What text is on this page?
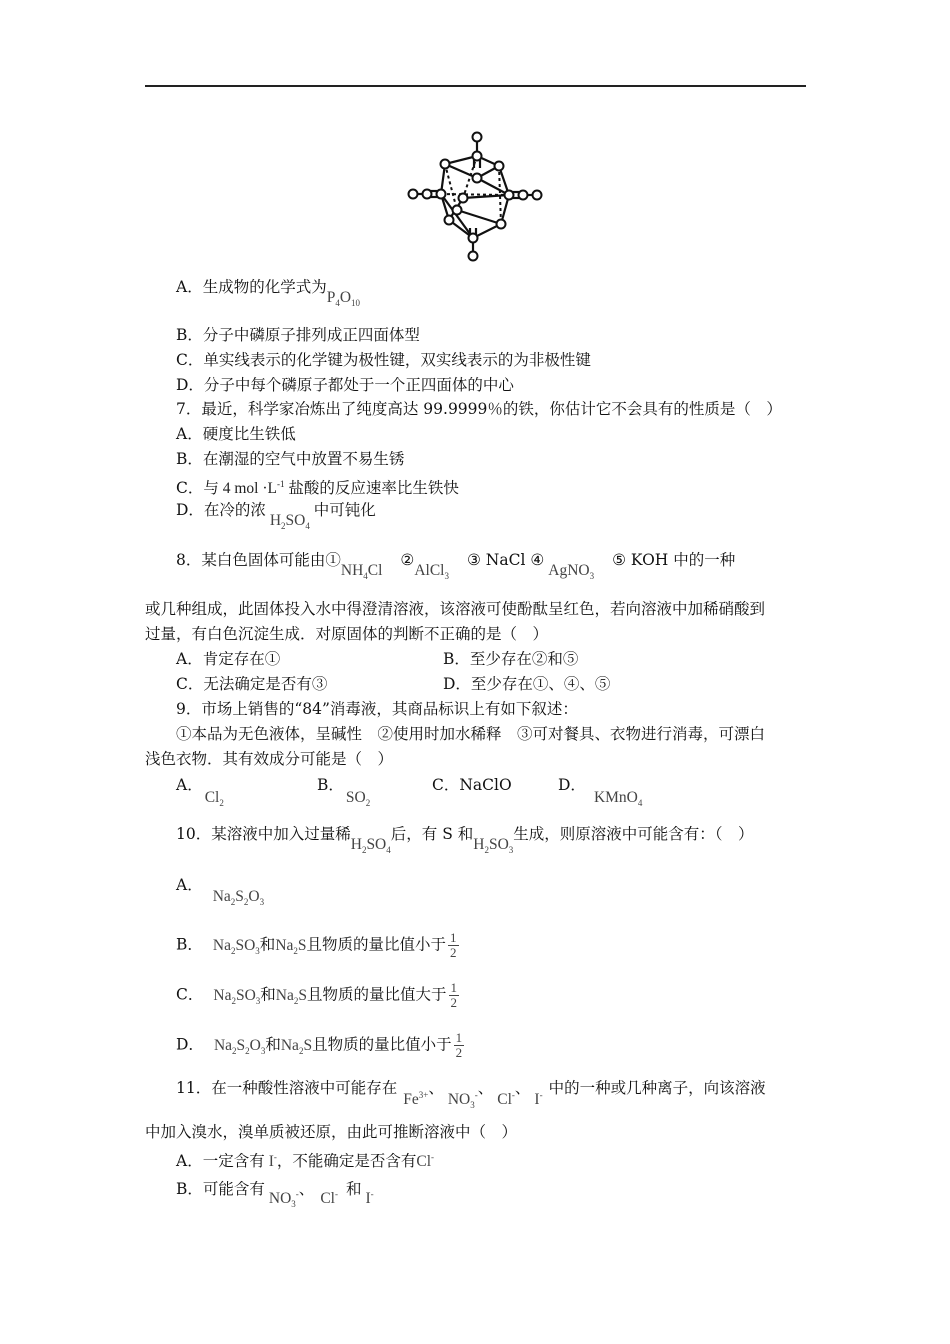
A．生成物的化学式为$P_4O_{10}$
B．分子中磷原子排列成正四面体型
C．单实线表示的化学键为极性键，双实线表示的为非极性键
D．分子中每个磷原子都处于一个正四面体的中心
7．最近，科学家冶炼出了纯度高达 99.9999％的铁，你估计它不会具有的性质是（　）
A．硬度比生铁低
B．在潮湿的空气中放置不易生锈
C．与 4 mol $\cdot L^{-1}$ 盐酸的反应速率比生铁快
D．在冷的浓 $H_2SO_4$ 中可钝化
8．某白色固体可能由$①NH_4Cl②AlCl_3③$ NaCl ④AgNO$_3$⑤ KOH 中的一种
或几种组成，此固体投入水中得澄清溶液，该溶液可使酚酞呈红色，若向溶液中加稀硝酸到
过量，有白色沉淀生成．对原固体的判断不正确的是（　）
A．肯定存在①	B．至少存在②和⑤
C．无法确定是否有③	D．至少存在①、④、⑤
9．市场上销售的“84”消毒液，其商品标识上有如下叙述：
①本品为无色液体，呈碱性　②使用时加水稀释　③可对餐具、衣物进行消毒，可漂白
浅色衣物．其有效成分可能是（　）
A．$Cl_2$
B．$SO_2$
C．NaClO	D．KMnO$_4$
10．某溶液中加入过量稀$H_2SO_4$后，有 S 和$H_2SO_3$生成，则原溶液中可能含有：（　）
A．$Na_2S_2O_3$
B． $Na_2SO_3$和$Na_2S$且物质的量比值小于 $\frac{1}{2}$
C． $Na_2SO_3$和$Na_2S$且物质的量比值大于 $\frac{1}{2}$
D． $Na_2S_2O_3$和$Na_2S$且物质的量比值小于 $\frac{1}{2}$
11．在一种酸性溶液中可能存在$Fe^{3+}$、$NO_3^-$、Cl-、I- 中的一种或几种离子，向该溶液
中加入溴水，溴单质被还原，由此可推断溶液中（　）
A．一定含有 I-，不能确定是否含有Cl-
B．可能含有$NO_3^-$、Cl- 和I-
